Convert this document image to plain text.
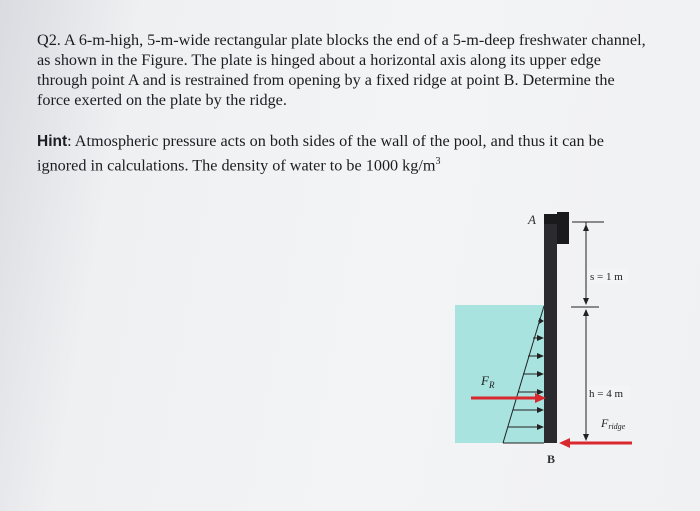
Q2. A 6-m-high, 5-m-wide rectangular plate blocks the end of a 5-m-deep freshwater channel,
as shown in the Figure. The plate is hinged about a horizontal axis along its upper edge
through point A and is restrained from opening by a fixed ridge at point B. Determine the
force exerted on the plate by the ridge.
Hint: Atmospheric pressure acts on both sides of the wall of the pool, and thus it can be
ignored in calculations. The density of water to be 1000 $kg/m^3$
A
B
$F_R$
Fridge
s = 1 m
h = 4 m
